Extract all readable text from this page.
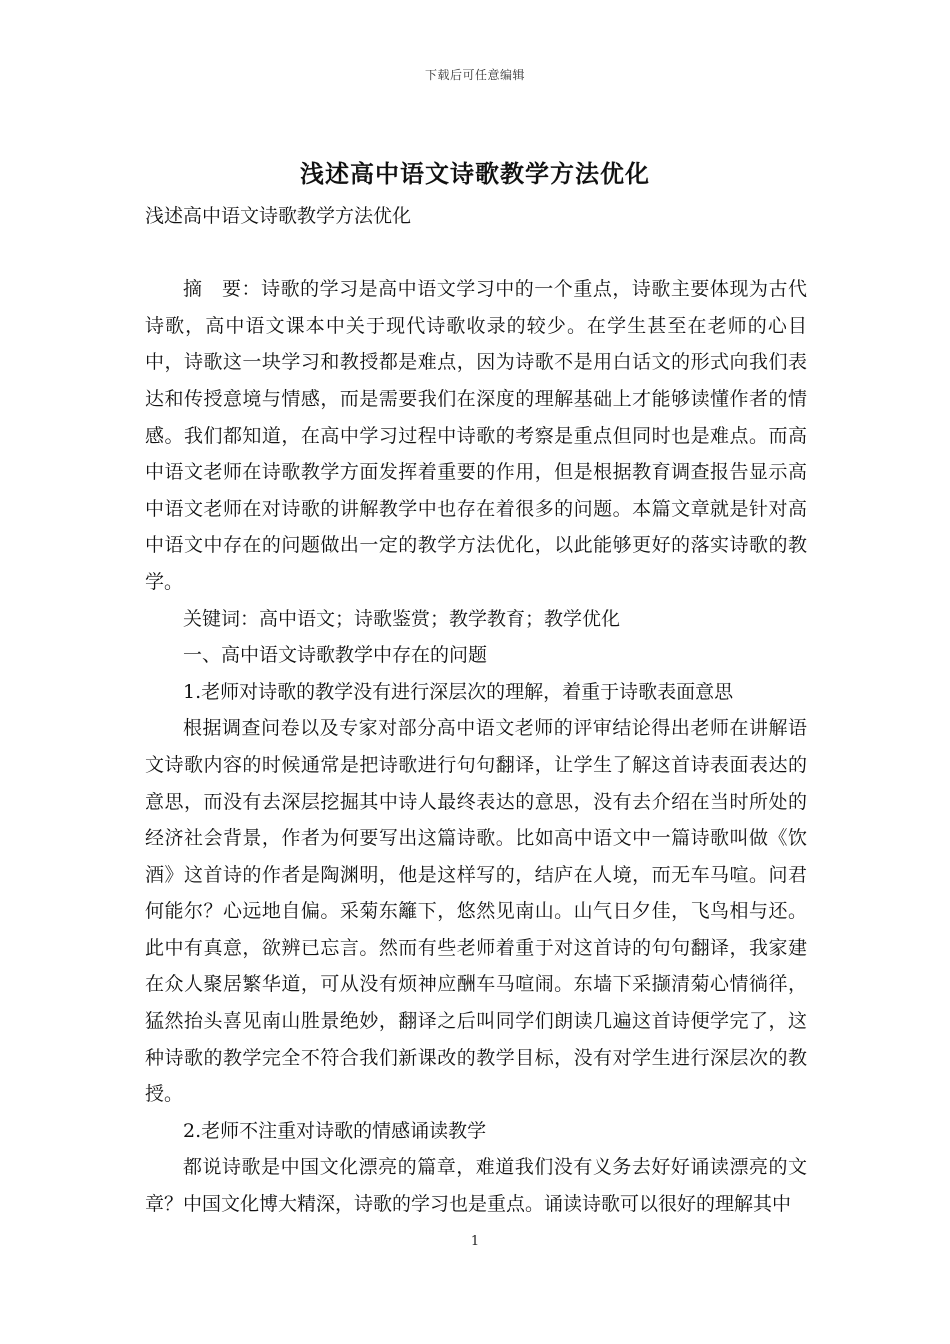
下载后可任意编辑
浅述高中语文诗歌教学方法优化

浅述高中语文诗歌教学方法优化

摘　要：诗歌的学习是高中语文学习中的一个重点，诗歌主要体现为古代诗歌，高中语文课本中关于现代诗歌收录的较少。在学生甚至在老师的心目中，诗歌这一块学习和教授都是难点，因为诗歌不是用白话文的形式向我们表达和传授意境与情感，而是需要我们在深度的理解基础上才能够读懂作者的情感。我们都知道，在高中学习过程中诗歌的考察是重点但同时也是难点。而高中语文老师在诗歌教学方面发挥着重要的作用，但是根据教育调查报告显示高中语文老师在对诗歌的讲解教学中也存在着很多的问题。本篇文章就是针对高中语文中存在的问题做出一定的教学方法优化，以此能够更好的落实诗歌的教学。

关键词：高中语文；诗歌鉴赏；教学教育；教学优化

一、高中语文诗歌教学中存在的问题

1.老师对诗歌的教学没有进行深层次的理解，着重于诗歌表面意思

根据调查问卷以及专家对部分高中语文老师的评审结论得出老师在讲解语文诗歌内容的时候通常是把诗歌进行句句翻译，让学生了解这首诗表面表达的意思，而没有去深层挖掘其中诗人最终表达的意思，没有去介绍在当时所处的经济社会背景，作者为何要写出这篇诗歌。比如高中语文中一篇诗歌叫做《饮酒》这首诗的作者是陶渊明，他是这样写的，结庐在人境，而无车马喧。问君何能尔？心远地自偏。采菊东籬下，悠然见南山。山气日夕佳，飞鸟相与还。此中有真意，欲辨已忘言。然而有些老师着重于对这首诗的句句翻译，我家建在众人聚居繁华道，可从没有烦神应酬车马喧闹。东墙下采撷清菊心情徜徉，猛然抬头喜见南山胜景绝妙，翻译之后叫同学们朗读几遍这首诗便学完了，这种诗歌的教学完全不符合我们新课改的教学目标，没有对学生进行深层次的教授。

2.老师不注重对诗歌的情感诵读教学

都说诗歌是中国文化漂亮的篇章，难道我们没有义务去好好诵读漂亮的文章？中国文化博大精深，诗歌的学习也是重点。诵读诗歌可以很好的理解其中

1
